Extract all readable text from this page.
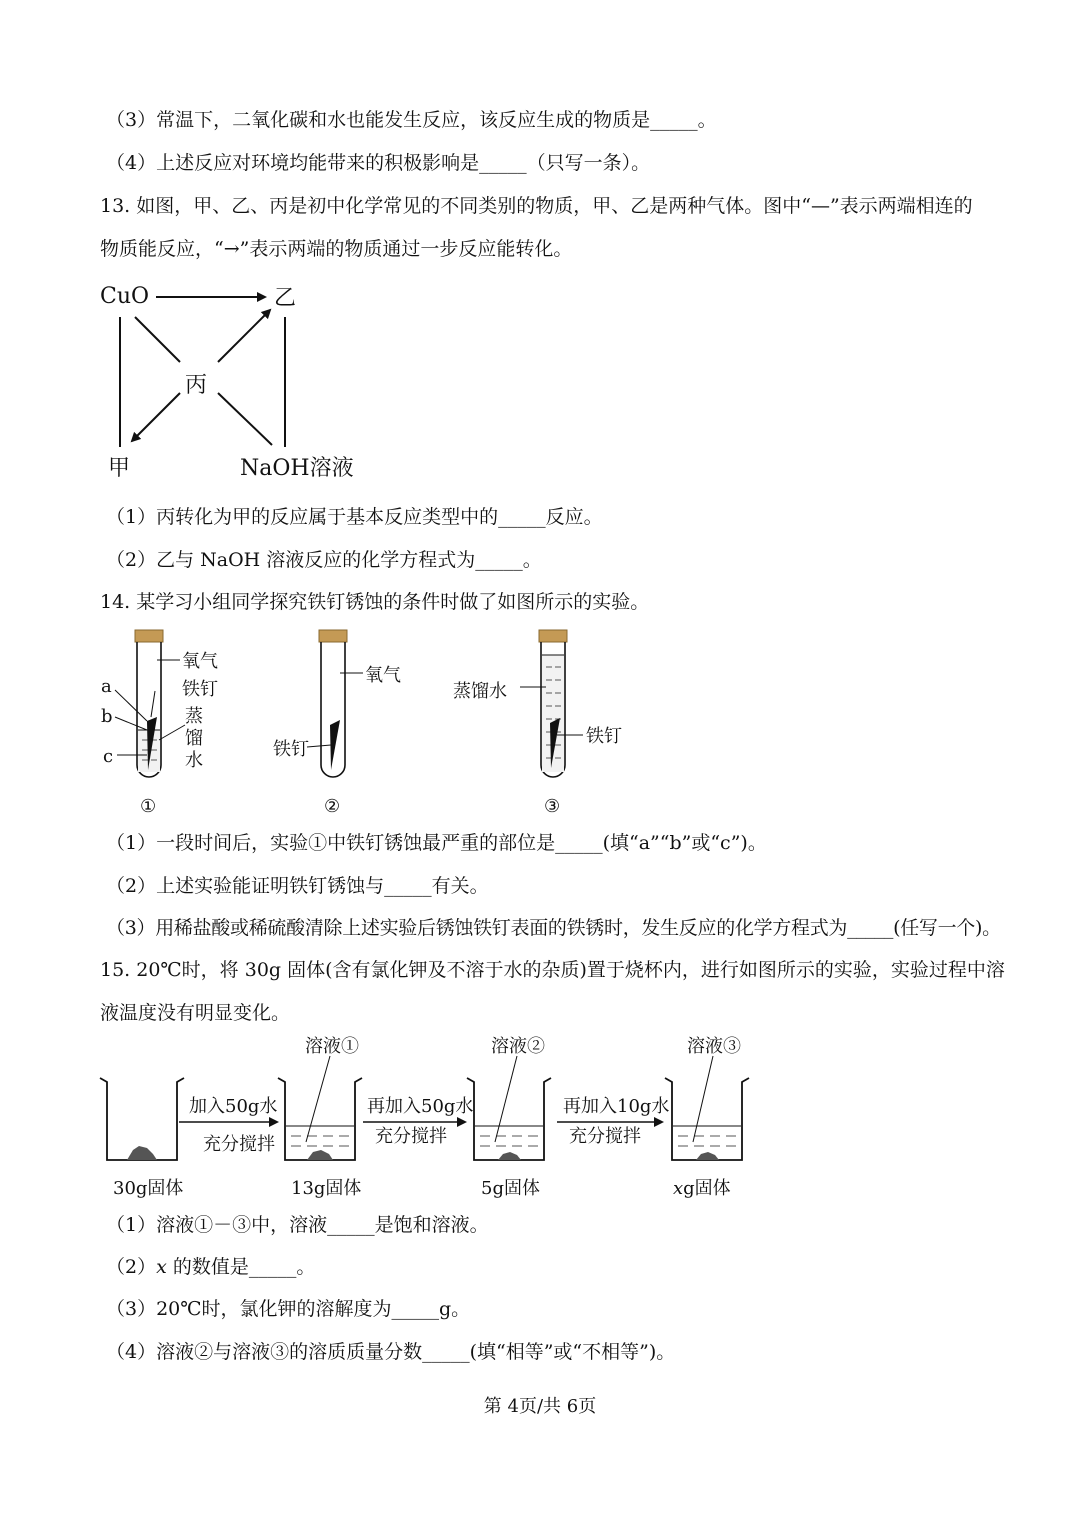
（3）常温下，二氧化碳和水也能发生反应，该反应生成的物质是_____。
（4）上述反应对环境均能带来的积极影响是_____（只写一条）。
13. 如图，甲、乙、丙是初中化学常见的不同类别的物质，甲、乙是两种气体。图中“—”表示两端相连的
物质能反应，“→”表示两端的物质通过一步反应能转化。
CuO	乙
丙
甲	NaOH溶液
（1）丙转化为甲的反应属于基本反应类型中的_____反应。
（2）乙与 NaOH 溶液反应的化学方程式为_____。
14. 某学习小组同学探究铁钉锈蚀的条件时做了如图所示的实验。
氧气
铁钉
a
b
c
蒸
馏
水
①
氧气
铁钉
②
蒸馏水
铁钉
③
（1）一段时间后，实验①中铁钉锈蚀最严重的部位是_____(填“a”“b”或“c”)。
（2）上述实验能证明铁钉锈蚀与_____有关。
（3）用稀盐酸或稀硫酸清除上述实验后锈蚀铁钉表面的铁锈时，发生反应的化学方程式为_____(任写一个)。
15. 20℃时，将 30g 固体(含有氯化钾及不溶于水的杂质)置于烧杯内，进行如图所示的实验，实验过程中溶
液温度没有明显变化。
30g固体
加入50g水
充分搅拌
溶液①
13g固体
再加入50g水
充分搅拌
溶液②
5g固体
再加入10g水
充分搅拌
溶液③
xg固体
（1）溶液①－③中，溶液_____是饱和溶液。
（2）x 的数值是_____。
（3）20℃时，氯化钾的溶解度为_____g。
（4）溶液②与溶液③的溶质质量分数_____(填“相等”或“不相等”)。
第 4页/共 6页
